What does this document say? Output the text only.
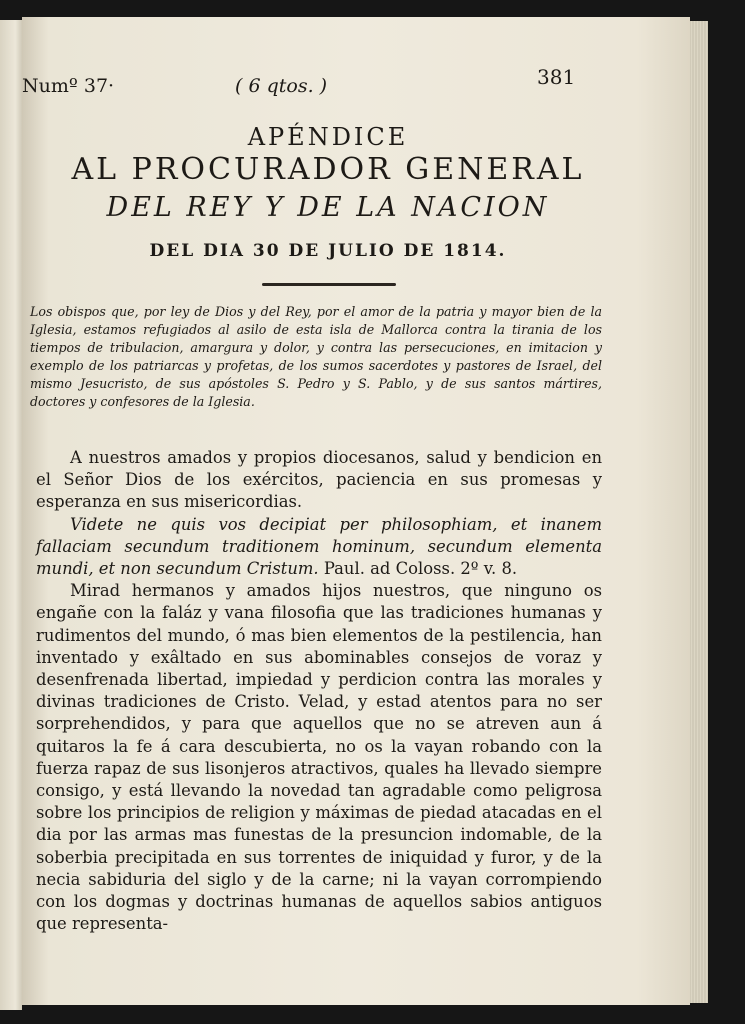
Numº 37·	( 6 qtos. )	381
APÉNDICE
AL PROCURADOR GENERAL
DEL REY Y DE LA NACION
DEL DIA 30 DE JULIO DE 1814.
Los obispos que, por ley de Dios y del Rey, por el amor de la patria y mayor bien de la Iglesia, estamos refugiados al asilo de esta isla de Mallorca contra la tirania de los tiempos de tribulacion, amargura y dolor, y contra las persecuciones, en imitacion y exemplo de los patriarcas y profetas, de los sumos sacerdotes y pastores de Israel, del mismo Jesucristo, de sus apóstoles S. Pedro y S. Pablo, y de sus santos mártires, doctores y confesores de la Iglesia.

A nuestros amados y propios diocesanos, salud y bendicion en el Señor Dios de los exércitos, paciencia en sus promesas y esperanza en sus misericordias.

Videte ne quis vos decipiat per philosophiam, et inanem fallaciam secundum traditionem hominum, secundum elementa mundi, et non secundum Cristum. Paul. ad Coloss. 2º v. 8.

Mirad hermanos y amados hijos nuestros, que ninguno os engañe con la faláz y vana filosofia que las tradiciones humanas y rudimentos del mundo, ó mas bien elementos de la pestilencia, han inventado y exâltado en sus abominables consejos de voraz y desenfrenada libertad, impiedad y perdicion contra las morales y divinas tradiciones de Cristo. Velad, y estad atentos para no ser sorprehendidos, y para que aquellos que no se atreven aun á quitaros la fe á cara descubierta, no os la vayan robando con la fuerza rapaz de sus lisonjeros atractivos, quales ha llevado siempre consigo, y está llevando la novedad tan agradable como peligrosa sobre los principios de religion y máximas de piedad atacadas en el dia por las armas mas funestas de la presuncion indomable, de la soberbia precipitada en sus torrentes de iniquidad y furor, y de la necia sabiduria del siglo y de la carne; ni la vayan corrompiendo con los dogmas y doctrinas humanas de aquellos sabios antiguos que representa-
